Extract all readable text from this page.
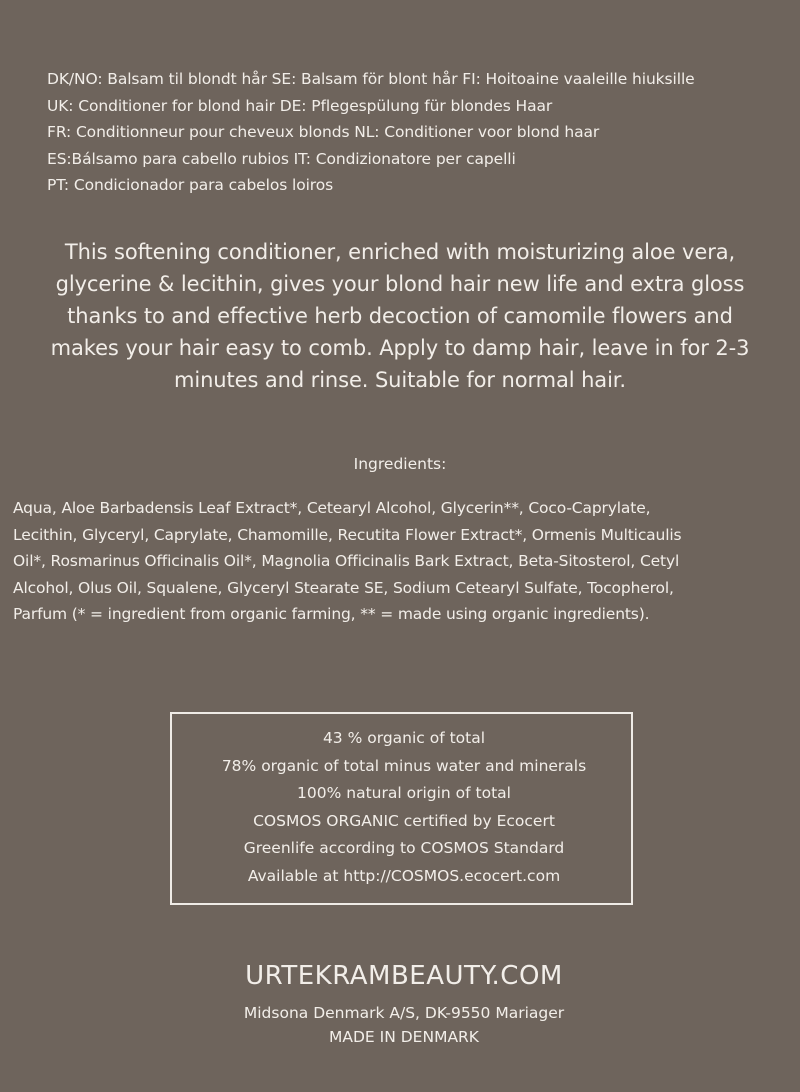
DK/NO: Balsam til blondt hår SE: Balsam för blont hår FI: Hoitoaine vaaleille hiuksille
UK: Conditioner for blond hair DE: Pflegespülung für blondes Haar
FR: Conditionneur pour cheveux blonds NL: Conditioner voor blond haar
ES:Bálsamo para cabello rubios IT: Condizionatore per capelli
PT: Condicionador para cabelos loiros
This softening conditioner, enriched with moisturizing aloe vera,
glycerine & lecithin, gives your blond hair new life and extra gloss
thanks to and effective herb decoction of camomile flowers and
makes your hair easy to comb. Apply to damp hair, leave in for 2-3
minutes and rinse. Suitable for normal hair.
Ingredients:
Aqua, Aloe Barbadensis Leaf Extract*, Cetearyl Alcohol, Glycerin**, Coco-Caprylate,
Lecithin, Glyceryl, Caprylate, Chamomille, Recutita Flower Extract*, Ormenis Multicaulis
Oil*, Rosmarinus Officinalis Oil*, Magnolia Officinalis Bark Extract, Beta-Sitosterol, Cetyl
Alcohol, Olus Oil, Squalene, Glyceryl Stearate SE, Sodium Cetearyl Sulfate, Tocopherol,
Parfum (* = ingredient from organic farming, ** = made using organic ingredients).
43 % organic of total
78% organic of total minus water and minerals
100% natural origin of total
COSMOS ORGANIC certified by Ecocert
Greenlife according to COSMOS Standard
Available at http://COSMOS.ecocert.com
URTEKRAMBEAUTY.COM
Midsona Denmark A/S, DK-9550 Mariager
MADE IN DENMARK
